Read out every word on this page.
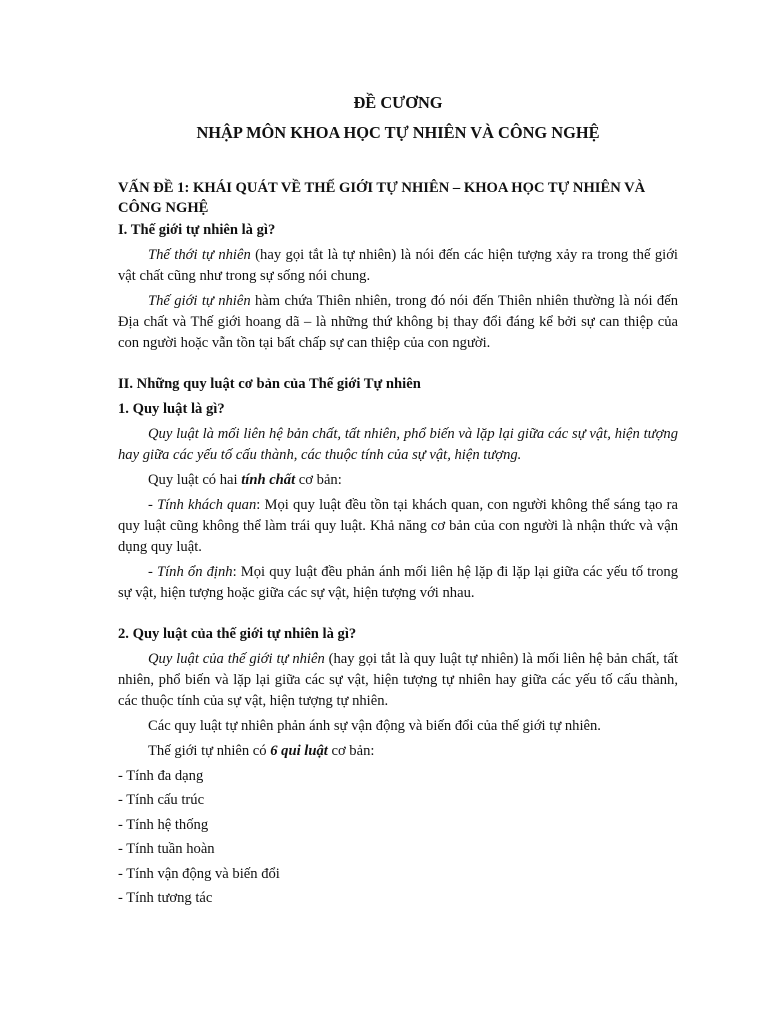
ĐỀ CƯƠNG

NHẬP MÔN KHOA HỌC TỰ NHIÊN VÀ CÔNG NGHỆ

VẤN ĐỀ 1: KHÁI QUÁT VỀ THẾ GIỚI TỰ NHIÊN – KHOA HỌC TỰ NHIÊN VÀ CÔNG NGHỆ

I. Thế giới tự nhiên là gì?

Thế thới tự nhiên (hay gọi tắt là tự nhiên) là nói đến các hiện tượng xảy ra trong thế giới vật chất cũng như trong sự sống nói chung.

Thế giới tự nhiên hàm chứa Thiên nhiên, trong đó nói đến Thiên nhiên thường là nói đến Địa chất và Thế giới hoang dã – là những thứ không bị thay đổi đáng kể bởi sự can thiệp của con người hoặc vẫn tồn tại bất chấp sự can thiệp của con người.

II. Những quy luật cơ bản của Thế giới Tự nhiên

1. Quy luật là gì?

Quy luật là mối liên hệ bản chất, tất nhiên, phổ biến và lặp lại giữa các sự vật, hiện tượng hay giữa các yếu tố cấu thành, các thuộc tính của sự vật, hiện tượng.

Quy luật có hai tính chất cơ bản:

- Tính khách quan: Mọi quy luật đều tồn tại khách quan, con người không thể sáng tạo ra quy luật cũng không thể làm trái quy luật. Khả năng cơ bản của con người là nhận thức và vận dụng quy luật.

- Tính ổn định: Mọi quy luật đều phản ánh mối liên hệ lặp đi lặp lại giữa các yếu tố trong sự vật, hiện tượng hoặc giữa các sự vật, hiện tượng với nhau.

2. Quy luật của thế giới tự nhiên là gì?

Quy luật của thế giới tự nhiên (hay gọi tắt là quy luật tự nhiên) là mối liên hệ bản chất, tất nhiên, phổ biến và lặp lại giữa các sự vật, hiện tượng tự nhiên hay giữa các yếu tố cấu thành, các thuộc tính của sự vật, hiện tượng tự nhiên.

Các quy luật tự nhiên phản ánh sự vận động và biến đổi của thế giới tự nhiên.

Thế giới tự nhiên có 6 qui luật cơ bản:

- Tính đa dạng

- Tính cấu trúc

- Tính hệ thống

- Tính tuần hoàn

- Tính vận động và biến đổi

- Tính tương tác
